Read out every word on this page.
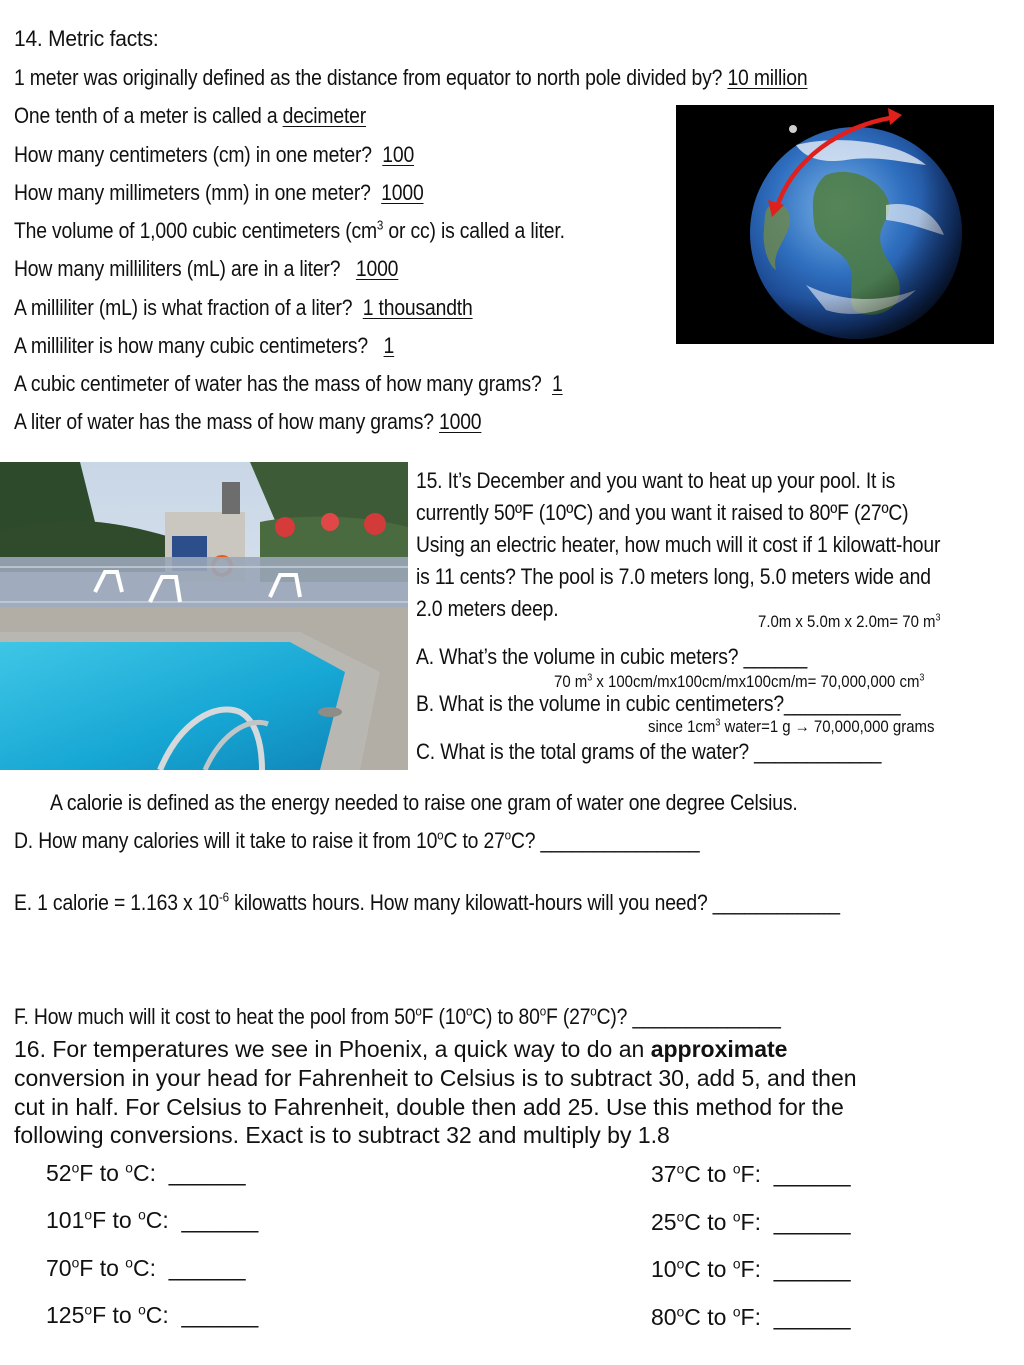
14. Metric facts:
1 meter was originally defined as the distance from equator to north pole divided by? 10 million
One tenth of a meter is called a decimeter
How many centimeters (cm) in one meter? 100
How many millimeters (mm) in one meter? 1000
The volume of 1,000 cubic centimeters ($cm^3$ or cc) is called a liter.
How many milliliters (mL) are in a liter? 1000
A milliliter (mL) is what fraction of a liter? 1 thousandth
A milliliter is how many cubic centimeters? 1
A cubic centimeter of water has the mass of how many grams? 1
A liter of water has the mass of how many grams? 1000
15. It’s December and you want to heat up your pool. It is
currently 50ºF (10ºC) and you want it raised to 80ºF (27ºC)
Using an electric heater, how much will it cost if 1 kilowatt-hour
is 11 cents? The pool is 7.0 meters long, 5.0 meters wide and
2.0 meters deep.
7.0m x 5.0m x 2.0m= 70 $m^3$
A. What’s the volume in cubic meters? ______
70 $m^3$ x 100cm/mx100cm/mx100cm/m= 70,000,000 $cm^3$
B. What is the volume in cubic centimeters?___________
since $1cm^3$ water=1 g → 70,000,000 grams
C. What is the total grams of the water? ____________
A calorie is defined as the energy needed to raise one gram of water one degree Celsius.
D. How many calories will it take to raise it from 10$^o$C to 27$^o$C? _______________
E. 1 calorie = 1.163 x $10^{-6}$ kilowatts hours. How many kilowatt-hours will you need? ____________
F. How much will it cost to heat the pool from 50$^o$F (10$^o$C) to 80$^o$F (27$^o$C)? ______________
16. For temperatures we see in Phoenix, a quick way to do an approximate
conversion in your head for Fahrenheit to Celsius is to subtract 30, add 5, and then
cut in half. For Celsius to Fahrenheit, double then add 25. Use this method for the
following conversions. Exact is to subtract 32 and multiply by 1.8
52$^o$F to $^o$C: ______
101$^o$F to $^o$C: ______
70$^o$F to $^o$C: ______
125$^o$F to $^o$C: ______
37$^o$C to $^o$F: ______
25$^o$C to $^o$F: ______
10$^o$C to $^o$F: ______
80$^o$C to $^o$F: ______
